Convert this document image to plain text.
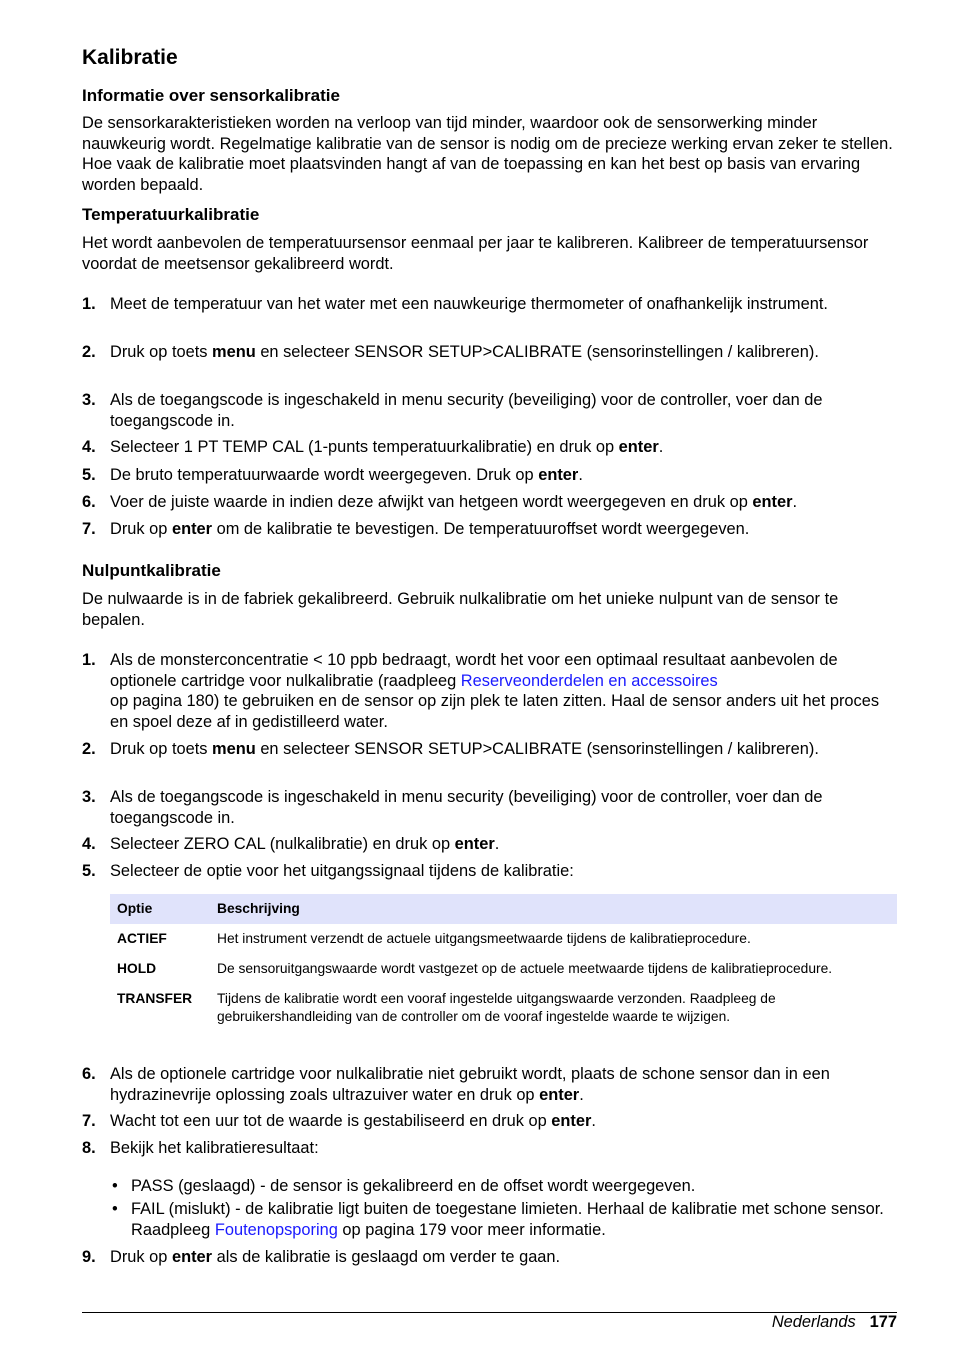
Kalibratie
Informatie over sensorkalibratie

De sensorkarakteristieken worden na verloop van tijd minder, waardoor ook de sensorwerking minder nauwkeurig wordt. Regelmatige kalibratie van de sensor is nodig om de precieze werking ervan zeker te stellen. Hoe vaak de kalibratie moet plaatsvinden hangt af van de toepassing en kan het best op basis van ervaring worden bepaald.

Temperatuurkalibratie

Het wordt aanbevolen de temperatuursensor eenmaal per jaar te kalibreren. Kalibreer de temperatuursensor voordat de meetsensor gekalibreerd wordt.

1. Meet de temperatuur van het water met een nauwkeurige thermometer of onafhankelijk instrument.
2. Druk op toets menu en selecteer SENSOR SETUP>CALIBRATE (sensorinstellingen / kalibreren).
3. Als de toegangscode is ingeschakeld in menu security (beveiliging) voor de controller, voer dan de toegangscode in.
4. Selecteer 1 PT TEMP CAL (1-punts temperatuurkalibratie) en druk op enter.
5. De bruto temperatuurwaarde wordt weergegeven. Druk op enter.
6. Voer de juiste waarde in indien deze afwijkt van hetgeen wordt weergegeven en druk op enter.
7. Druk op enter om de kalibratie te bevestigen. De temperatuuroffset wordt weergegeven.
Nulpuntkalibratie

De nulwaarde is in de fabriek gekalibreerd. Gebruik nulkalibratie om het unieke nulpunt van de sensor te bepalen.

1. Als de monsterconcentratie < 10 ppb bedraagt, wordt het voor een optimaal resultaat aanbevolen de optionele cartridge voor nulkalibratie (raadpleeg Reserveonderdelen en accessoires
op pagina 180) te gebruiken en de sensor op zijn plek te laten zitten. Haal de sensor anders uit het proces en spoel deze af in gedistilleerd water.
2. Druk op toets menu en selecteer SENSOR SETUP>CALIBRATE (sensorinstellingen / kalibreren).
3. Als de toegangscode is ingeschakeld in menu security (beveiliging) voor de controller, voer dan de toegangscode in.
4. Selecteer ZERO CAL (nulkalibratie) en druk op enter.
5. Selecteer de optie voor het uitgangssignaal tijdens de kalibratie:
Optie	Beschrijving
ACTIEF	Het instrument verzendt de actuele uitgangsmeetwaarde tijdens de kalibratieprocedure.
HOLD	De sensoruitgangswaarde wordt vastgezet op de actuele meetwaarde tijdens de kalibratieprocedure.
TRANSFER	Tijdens de kalibratie wordt een vooraf ingestelde uitgangswaarde verzonden. Raadpleeg de gebruikershandleiding van de controller om de vooraf ingestelde waarde te wijzigen.
6. Als de optionele cartridge voor nulkalibratie niet gebruikt wordt, plaats de schone sensor dan in een hydrazinevrije oplossing zoals ultrazuiver water en druk op enter.
7. Wacht tot een uur tot de waarde is gestabiliseerd en druk op enter.
8. Bekijk het kalibratieresultaat:
• PASS (geslaagd) - de sensor is gekalibreerd en de offset wordt weergegeven.
• FAIL (mislukt) - de kalibratie ligt buiten de toegestane limieten. Herhaal de kalibratie met schone sensor. Raadpleeg Foutenopsporing op pagina 179 voor meer informatie.
9. Druk op enter als de kalibratie is geslaagd om verder te gaan.
Nederlands 177
